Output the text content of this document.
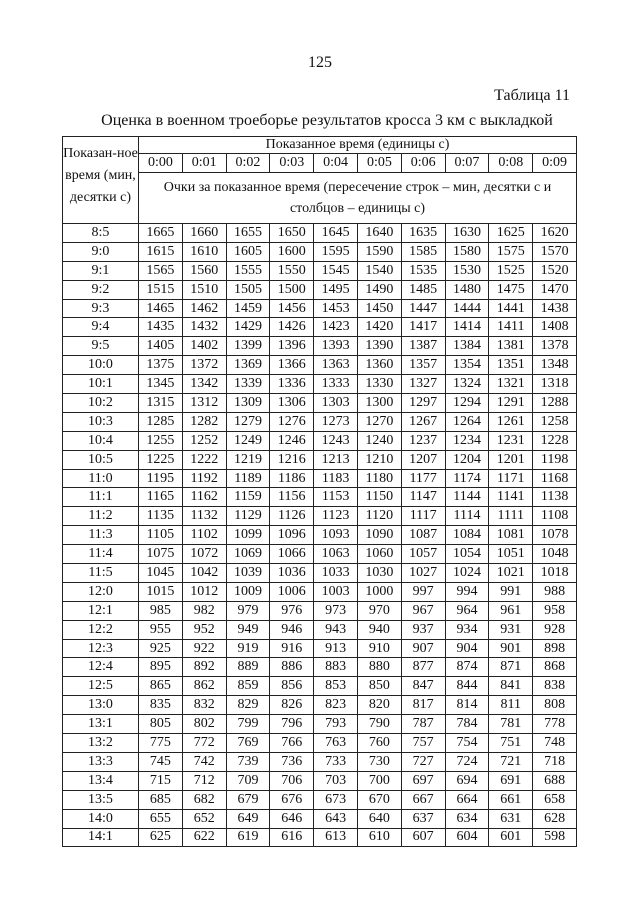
125
Таблица 11
Оценка в военном троеборье результатов кросса 3 км с выкладкой
Показан-ное время (мин, десятки с)	Показанное время (единицы с)									
	0:00	0:01	0:02	0:03	0:04	0:05	0:06	0:07	0:08	0:09
	Очки за показанное время (пересечение строк – мин, десятки с и столбцов – единицы с)									
8:5	1665	1660	1655	1650	1645	1640	1635	1630	1625	1620
9:0	1615	1610	1605	1600	1595	1590	1585	1580	1575	1570
9:1	1565	1560	1555	1550	1545	1540	1535	1530	1525	1520
9:2	1515	1510	1505	1500	1495	1490	1485	1480	1475	1470
9:3	1465	1462	1459	1456	1453	1450	1447	1444	1441	1438
9:4	1435	1432	1429	1426	1423	1420	1417	1414	1411	1408
9:5	1405	1402	1399	1396	1393	1390	1387	1384	1381	1378
10:0	1375	1372	1369	1366	1363	1360	1357	1354	1351	1348
10:1	1345	1342	1339	1336	1333	1330	1327	1324	1321	1318
10:2	1315	1312	1309	1306	1303	1300	1297	1294	1291	1288
10:3	1285	1282	1279	1276	1273	1270	1267	1264	1261	1258
10:4	1255	1252	1249	1246	1243	1240	1237	1234	1231	1228
10:5	1225	1222	1219	1216	1213	1210	1207	1204	1201	1198
11:0	1195	1192	1189	1186	1183	1180	1177	1174	1171	1168
11:1	1165	1162	1159	1156	1153	1150	1147	1144	1141	1138
11:2	1135	1132	1129	1126	1123	1120	1117	1114	1111	1108
11:3	1105	1102	1099	1096	1093	1090	1087	1084	1081	1078
11:4	1075	1072	1069	1066	1063	1060	1057	1054	1051	1048
11:5	1045	1042	1039	1036	1033	1030	1027	1024	1021	1018
12:0	1015	1012	1009	1006	1003	1000	997	994	991	988
12:1	985	982	979	976	973	970	967	964	961	958
12:2	955	952	949	946	943	940	937	934	931	928
12:3	925	922	919	916	913	910	907	904	901	898
12:4	895	892	889	886	883	880	877	874	871	868
12:5	865	862	859	856	853	850	847	844	841	838
13:0	835	832	829	826	823	820	817	814	811	808
13:1	805	802	799	796	793	790	787	784	781	778
13:2	775	772	769	766	763	760	757	754	751	748
13:3	745	742	739	736	733	730	727	724	721	718
13:4	715	712	709	706	703	700	697	694	691	688
13:5	685	682	679	676	673	670	667	664	661	658
14:0	655	652	649	646	643	640	637	634	631	628
14:1	625	622	619	616	613	610	607	604	601	598
